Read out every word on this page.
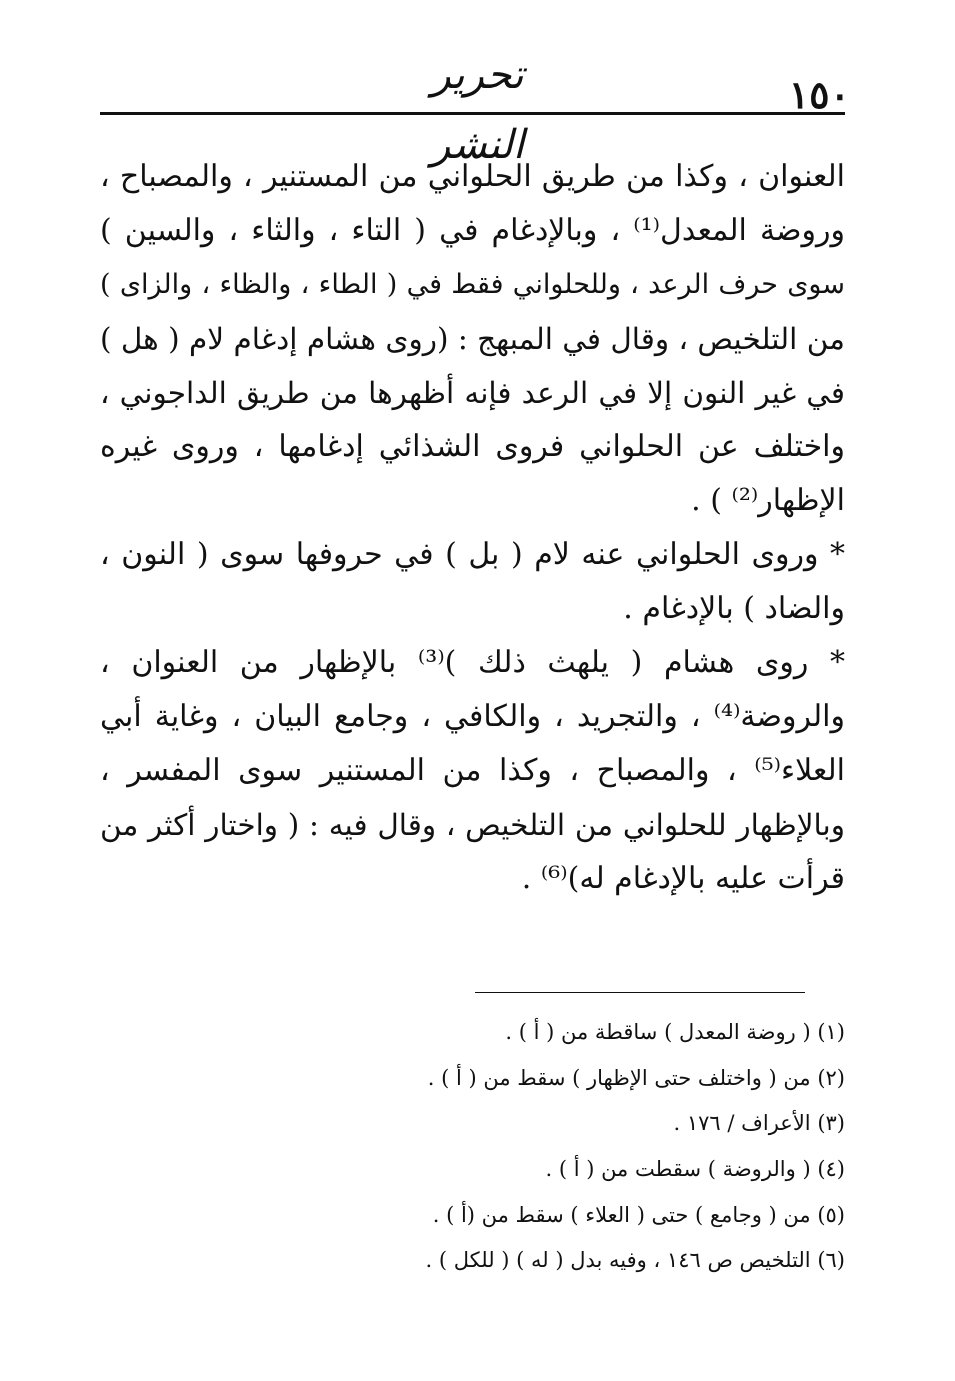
تحرير النشر
١٥٠
العنوان ، وكذا من طريق الحلواني من المستنير ، والمصباح ،
وروضة المعدل⁽¹⁾ ، وبالإدغام في ( التاء ، والثاء ، والسين )
سوى حرف الرعد ، وللحلواني فقط في ( الطاء ، والظاء ، والزاى )
من التلخيص ، وقال في المبهج : (روى هشام إدغام لام ( هل )
في غير النون إلا في الرعد فإنه أظهرها من طريق الداجوني ،
واختلف عن الحلواني فروى الشذائي إدغامها ، وروى غيره
الإظهار⁽²⁾ ) .
* وروى الحلواني عنه لام ( بل ) في حروفها سوى ( النون ،
والضاد ) بالإدغام .
* روى هشام ( يلهث ذلك )⁽³⁾ بالإظهار من العنوان ،
والروضة⁽⁴⁾ ، والتجريد ، والكافي ، وجامع البيان ، وغاية أبي
العلاء⁽⁵⁾ ، والمصباح ، وكذا من المستنير سوى المفسر ،
وبالإظهار للحلواني من التلخيص ، وقال فيه : ( واختار أكثر من
قرأت عليه بالإدغام له)⁽⁶⁾ .
(١) ( روضة المعدل ) ساقطة من ( أ ) .
(٢) من ( واختلف حتى الإظهار ) سقط من ( أ ) .
(٣) الأعراف / ١٧٦ .
(٤) ( والروضة ) سقطت من ( أ ) .
(٥) من ( وجامع ) حتى ( العلاء ) سقط من (أ ) .
(٦) التلخيص ص ١٤٦ ، وفيه بدل ( له ) ( للكل ) .
